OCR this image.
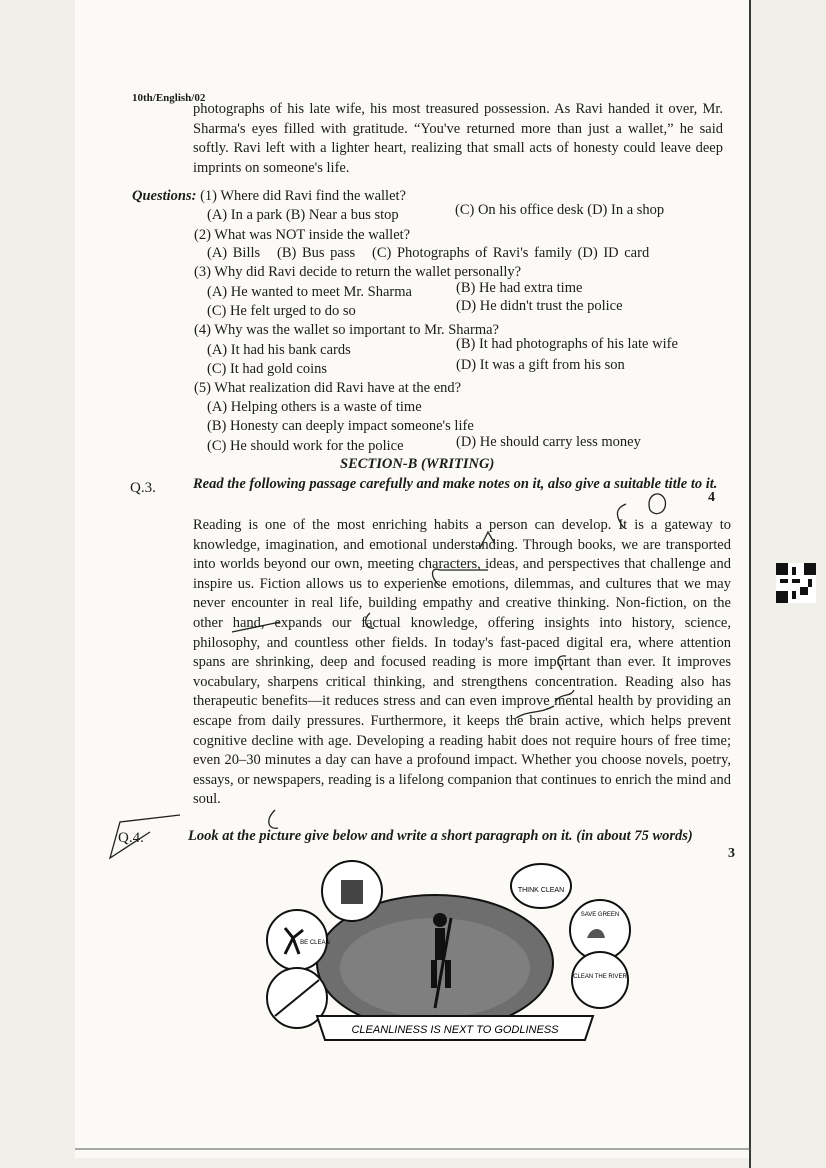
10th/English/02
photographs of his late wife, his most treasured possession. As Ravi handed it over, Mr. Sharma's eyes filled with gratitude. “You've returned more than just a wallet,” he said softly. Ravi left with a lighter heart, realizing that small acts of honesty could leave deep imprints on someone's life.
Questions: (1) Where did Ravi find the wallet?
(A) In a park (B) Near a bus stop	(C) On his office desk (D) In a shop
(2) What was NOT inside the wallet?
(A) Bills (B) Bus pass (C) Photographs of Ravi's family (D) ID card
(3) Why did Ravi decide to return the wallet personally?
(A) He wanted to meet Mr. Sharma	(B) He had extra time
(C) He felt urged to do so	(D) He didn't trust the police
(4) Why was the wallet so important to Mr. Sharma?
(A) It had his bank cards	(B) It had photographs of his late wife
(C) It had gold coins	(D) It was a gift from his son
(5) What realization did Ravi have at the end?
(A) Helping others is a waste of time
(B) Honesty can deeply impact someone's life
(C) He should work for the police	(D) He should carry less money
SECTION-B (WRITING)
Q.3.	Read the following passage carefully and make notes on it, also give a suitable title to it.
4
Reading is one of the most enriching habits a person can develop. It is a gateway to knowledge, imagination, and emotional understanding. Through books, we are transported into worlds beyond our own, meeting characters, ideas, and perspectives that challenge and inspire us. Fiction allows us to experience emotions, dilemmas, and cultures that we may never encounter in real life, building empathy and creative thinking. Non-fiction, on the other hand, expands our factual knowledge, offering insights into history, science, philosophy, and countless other fields. In today's fast-paced digital era, where attention spans are shrinking, deep and focused reading is more important than ever. It improves vocabulary, sharpens critical thinking, and strengthens concentration. Reading also has therapeutic benefits—it reduces stress and can even improve mental health by providing an escape from daily pressures. Furthermore, it keeps the brain active, which helps prevent cognitive decline with age. Developing a reading habit does not require hours of free time; even 20–30 minutes a day can have a profound impact. Whether you choose novels, poetry, essays, or newspapers, reading is a lifelong companion that continues to enrich the mind and soul.
Q.4.	Look at the picture give below and write a short paragraph on it. (in about 75 words)
3
THINK CLEAN
BE CLEAN
SAVE GREEN
CLEAN THE RIVER
CLEANLINESS IS NEXT TO GODLINESS
